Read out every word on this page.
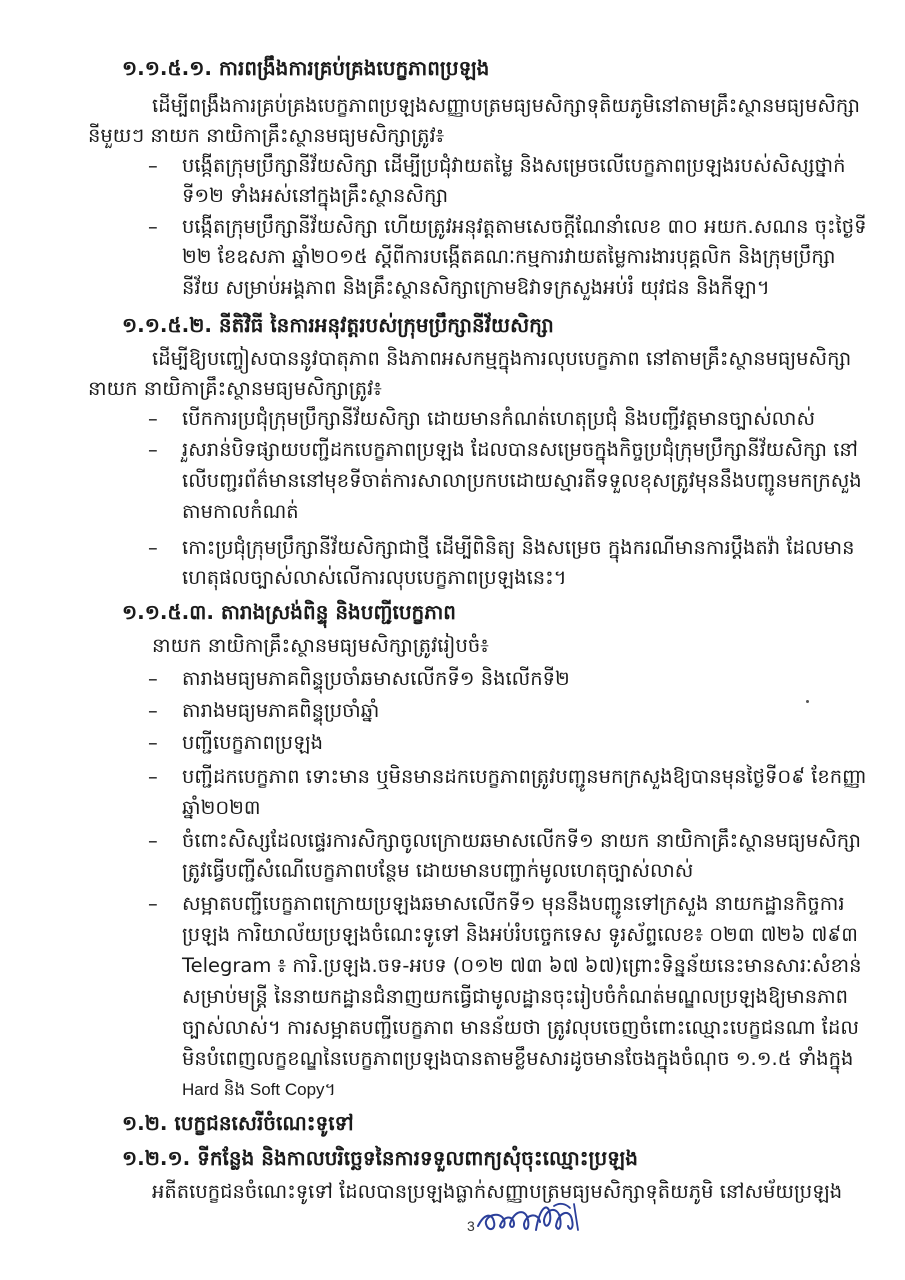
១.១.៥.១. ការពង្រឹងការគ្រប់គ្រងបេក្ខភាពប្រឡង
ដើម្បីពង្រឹងការគ្រប់គ្រងបេក្ខភាពប្រឡងសញ្ញាបត្រមធ្យមសិក្សាទុតិយភូមិនៅតាមគ្រឹះស្ថានមធ្យមសិក្សា
នីមួយៗ នាយក នាយិកាគ្រឹះស្ថានមធ្យមសិក្សាត្រូវ៖
– បង្កើតក្រុមប្រឹក្សានីវ័យសិក្សា ដើម្បីប្រជុំវាយតម្លៃ និងសម្រេចលើបេក្ខភាពប្រឡងរបស់សិស្សថ្នាក់
ទី១២ ទាំងអស់នៅក្នុងគ្រឹះស្ថានសិក្សា
– បង្កើតក្រុមប្រឹក្សានីវ័យសិក្សា ហើយត្រូវអនុវត្តតាមសេចក្តីណែនាំលេខ ៣០ អយក.សណន ចុះថ្ងៃទី
២២ ខែឧសភា ឆ្នាំ២០១៥ ស្តីពីការបង្កើតគណៈកម្មការវាយតម្លៃការងារបុគ្គលិក និងក្រុមប្រឹក្សា
នីវ័យ សម្រាប់អង្គភាព និងគ្រឹះស្ថានសិក្សាក្រោមឱវាទក្រសួងអប់រំ យុវជន និងកីឡា។
១.១.៥.២. នីតិវិធី នៃការអនុវត្តរបស់ក្រុមប្រឹក្សានីវ័យសិក្សា
ដើម្បីឱ្យបញ្ចៀសបាននូវបាតុភាព និងភាពអសកម្មក្នុងការលុបបេក្ខភាព នៅតាមគ្រឹះស្ថានមធ្យមសិក្សា
នាយក នាយិកាគ្រឹះស្ថានមធ្យមសិក្សាត្រូវ៖
– បើកការប្រជុំក្រុមប្រឹក្សានីវ័យសិក្សា ដោយមានកំណត់ហេតុប្រជុំ និងបញ្ជីវត្តមានច្បាស់លាស់
– រួសរាន់បិទផ្សាយបញ្ជីដកបេក្ខភាពប្រឡង ដែលបានសម្រេចក្នុងកិច្ចប្រជុំក្រុមប្រឹក្សានីវ័យសិក្សា នៅ
លើបញ្ជរព័ត៌មាននៅមុខទីចាត់ការសាលាប្រកបដោយស្មារតីទទួលខុសត្រូវមុននឹងបញ្ជូនមកក្រសួង
តាមកាលកំណត់
– កោះប្រជុំក្រុមប្រឹក្សានីវ័យសិក្សាជាថ្មី ដើម្បីពិនិត្យ និងសម្រេច ក្នុងករណីមានការប្តឹងតវ៉ា ដែលមាន
ហេតុផលច្បាស់លាស់លើការលុបបេក្ខភាពប្រឡងនេះ។
១.១.៥.៣. តារាងស្រង់ពិន្ទុ និងបញ្ជីបេក្ខភាព
នាយក នាយិកាគ្រឹះស្ថានមធ្យមសិក្សាត្រូវរៀបចំ៖
– តារាងមធ្យមភាគពិន្ទុប្រចាំឆមាសលើកទី១ និងលើកទី២
– តារាងមធ្យមភាគពិន្ទុប្រចាំឆ្នាំ
– បញ្ជីបេក្ខភាពប្រឡង
– បញ្ជីដកបេក្ខភាព ទោះមាន ឬមិនមានដកបេក្ខភាពត្រូវបញ្ជូនមកក្រសួងឱ្យបានមុនថ្ងៃទី០៩ ខែកញ្ញា
ឆ្នាំ២០២៣
– ចំពោះសិស្សដែលផ្ទេរការសិក្សាចូលក្រោយឆមាសលើកទី១ នាយក នាយិកាគ្រឹះស្ថានមធ្យមសិក្សា
ត្រូវធ្វើបញ្ជីសំណើបេក្ខភាពបន្ថែម ដោយមានបញ្ជាក់មូលហេតុច្បាស់លាស់
– សម្អាតបញ្ជីបេក្ខភាពក្រោយប្រឡងឆមាសលើកទី១ មុននឹងបញ្ជូនទៅក្រសួង នាយកដ្ឋានកិច្ចការ
ប្រឡង ការិយាល័យប្រឡងចំណេះទូទៅ និងអប់រំបច្ចេកទេស ទូរស័ព្ទលេខ៖ ០២៣ ៧២៦ ៧៩៣
Telegram ៖ ការិ.ប្រឡង.ចទ-អបទ (០១២ ៧៣ ៦៧ ៦៧)ព្រោះទិន្នន័យនេះមានសារៈសំខាន់
សម្រាប់មន្ត្រី នៃនាយកដ្ឋានជំនាញយកធ្វើជាមូលដ្ឋានចុះរៀបចំកំណត់មណ្ឌលប្រឡងឱ្យមានភាព
ច្បាស់លាស់។ ការសម្អាតបញ្ជីបេក្ខភាព មានន័យថា ត្រូវលុបចេញចំពោះឈ្មោះបេក្ខជនណា ដែល
មិនបំពេញលក្ខខណ្ឌនៃបេក្ខភាពប្រឡងបានតាមខ្លឹមសារដូចមានចែងក្នុងចំណុច ១.១.៥ ទាំងក្នុង
Hard និង Soft Copy។
១.២. បេក្ខជនសេរីចំណេះទូទៅ
១.២.១. ទីកន្លែង និងកាលបរិច្ឆេទនៃការទទួលពាក្យសុំចុះឈ្មោះប្រឡង
អតីតបេក្ខជនចំណេះទូទៅ ដែលបានប្រឡងធ្លាក់សញ្ញាបត្រមធ្យមសិក្សាទុតិយភូមិ នៅសម័យប្រឡង
3
